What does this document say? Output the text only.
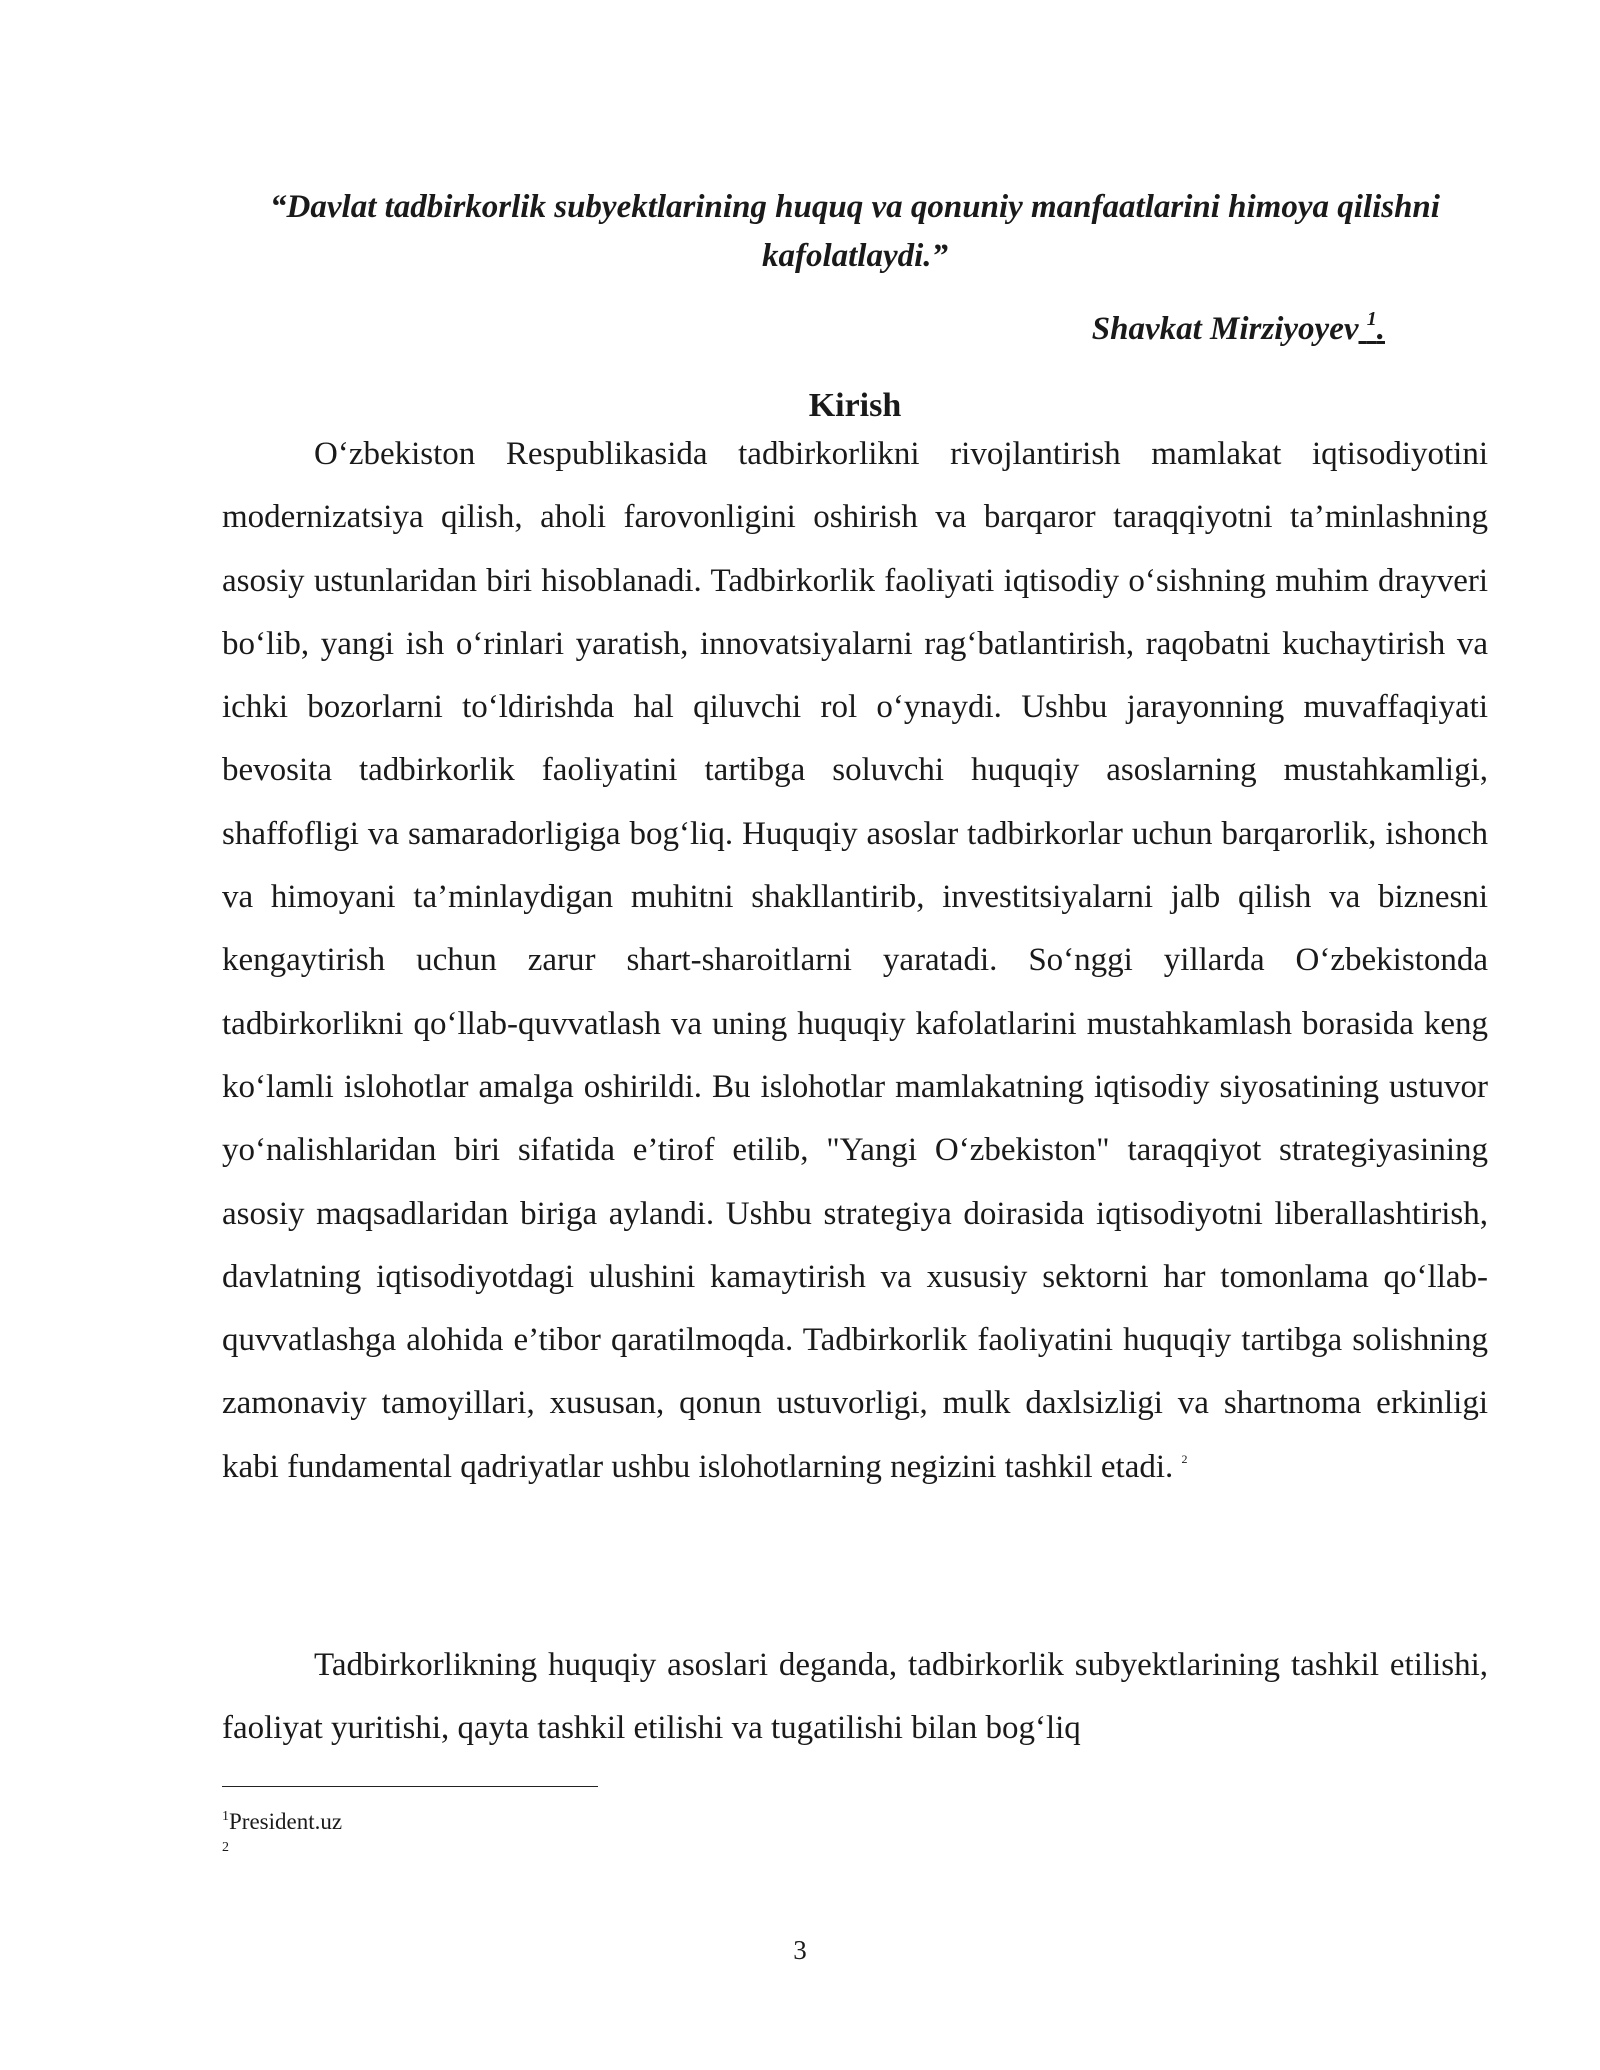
“Davlat tadbirkorlik subyektlarining huquq va qonuniy manfaatlarini himoya qilishni kafolatlaydi.”
Shavkat Mirziyoyev $^1$.
Kirish

O‘zbekiston Respublikasida tadbirkorlikni rivojlantirish mamlakat iqtisodiyotini modernizatsiya qilish, aholi farovonligini oshirish va barqaror taraqqiyotni ta’minlashning asosiy ustunlaridan biri hisoblanadi. Tadbirkorlik faoliyati iqtisodiy o‘sishning muhim drayveri bo‘lib, yangi ish o‘rinlari yaratish, innovatsiyalarni rag‘batlantirish, raqobatni kuchaytirish va ichki bozorlarni to‘ldirishda hal qiluvchi rol o‘ynaydi. Ushbu jarayonning muvaffaqiyati bevosita tadbirkorlik faoliyatini tartibga soluvchi huquqiy asoslarning mustahkamligi, shaffofligi va samaradorligiga bog‘liq. Huquqiy asoslar tadbirkorlar uchun barqarorlik, ishonch va himoyani ta’minlaydigan muhitni shakllantirib, investitsiyalarni jalb qilish va biznesni kengaytirish uchun zarur shart-sharoitlarni yaratadi. So‘nggi yillarda O‘zbekistonda tadbirkorlikni qo‘llab-quvvatlash va uning huquqiy kafolatlarini mustahkamlash borasida keng ko‘lamli islohotlar amalga oshirildi. Bu islohotlar mamlakatning iqtisodiy siyosatining ustuvor yo‘nalishlaridan biri sifatida e’tirof etilib, "Yangi O‘zbekiston" taraqqiyot strategiyasining asosiy maqsadlaridan biriga aylandi. Ushbu strategiya doirasida iqtisodiyotni liberallashtirish, davlatning iqtisodiyotdagi ulushini kamaytirish va xususiy sektorni har tomonlama qo‘llab-quvvatlashga alohida e’tibor qaratilmoqda. Tadbirkorlik faoliyatini huquqiy tartibga solishning zamonaviy tamoyillari, xususan, qonun ustuvorligi, mulk daxlsizligi va shartnoma erkinligi kabi fundamental qadriyatlar ushbu islohotlarning negizini tashkil etadi. $^2$

Tadbirkorlikning huquqiy asoslari deganda, tadbirkorlik subyektlarining tashkil etilishi, faoliyat yuritishi, qayta tashkil etilishi va tugatilishi bilan bog‘liq

$^1$President.uz
2
3
